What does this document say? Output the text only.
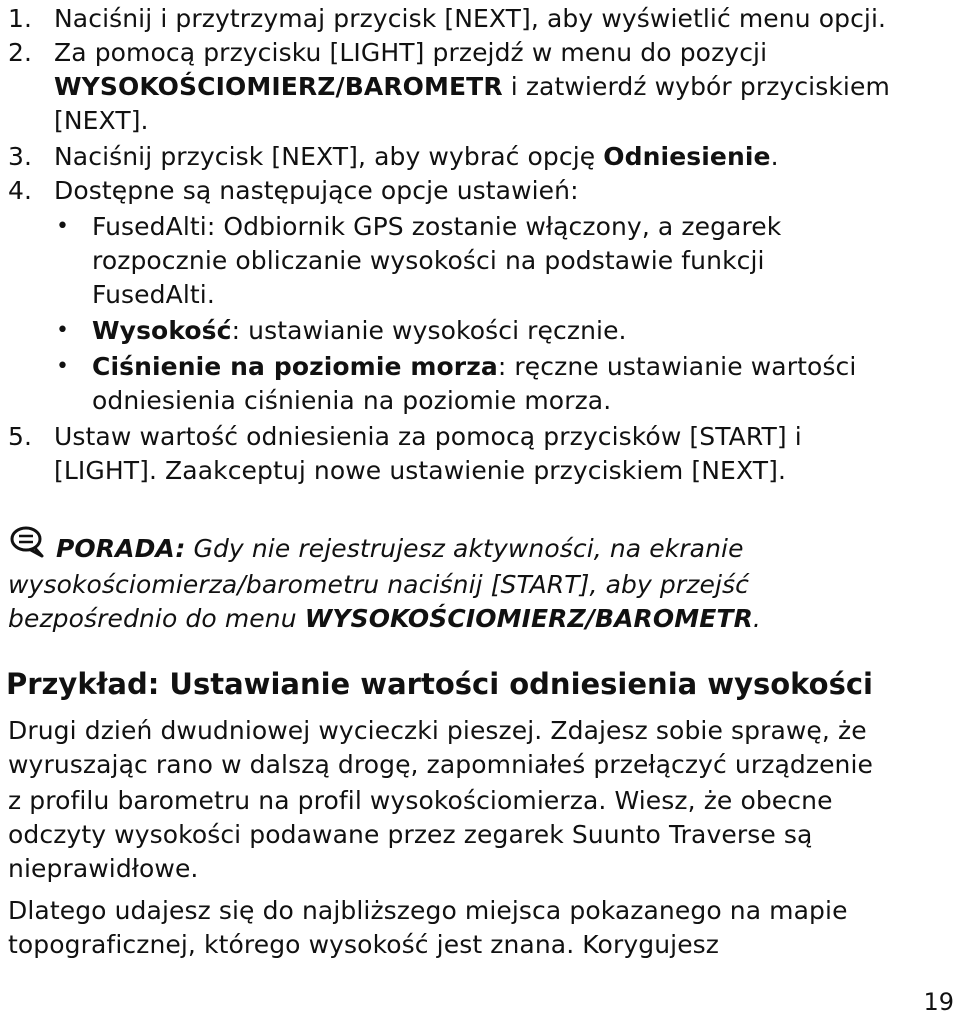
1. Naciśnij i przytrzymaj przycisk [NEXT], aby wyświetlić menu opcji.
2. Za pomocą przycisku [LIGHT] przejdź w menu do pozycji
WYSOKOŚCIOMIERZ/BAROMETR i zatwierdź wybór przyciskiem
[NEXT].
3. Naciśnij przycisk [NEXT], aby wybrać opcję Odniesienie.
4. Dostępne są następujące opcje ustawień:
• FusedAlti: Odbiornik GPS zostanie włączony, a zegarek
rozpocznie obliczanie wysokości na podstawie funkcji
FusedAlti.
• Wysokość: ustawianie wysokości ręcznie.
• Ciśnienie na poziomie morza: ręczne ustawianie wartości
odniesienia ciśnienia na poziomie morza.
5. Ustaw wartość odniesienia za pomocą przycisków [START] i
[LIGHT]. Zaakceptuj nowe ustawienie przyciskiem [NEXT].
PORADA: Gdy nie rejestrujesz aktywności, na ekranie
wysokościomierza/barometru naciśnij [START], aby przejść
bezpośrednio do menu WYSOKOŚCIOMIERZ/BAROMETR.
Przykład: Ustawianie wartości odniesienia wysokości
Drugi dzień dwudniowej wycieczki pieszej. Zdajesz sobie sprawę, że
wyruszając rano w dalszą drogę, zapomniałeś przełączyć urządzenie
z profilu barometru na profil wysokościomierza. Wiesz, że obecne
odczyty wysokości podawane przez zegarek Suunto Traverse są
nieprawidłowe.
Dlatego udajesz się do najbliższego miejsca pokazanego na mapie
topograficznej, którego wysokość jest znana. Korygujesz
19
